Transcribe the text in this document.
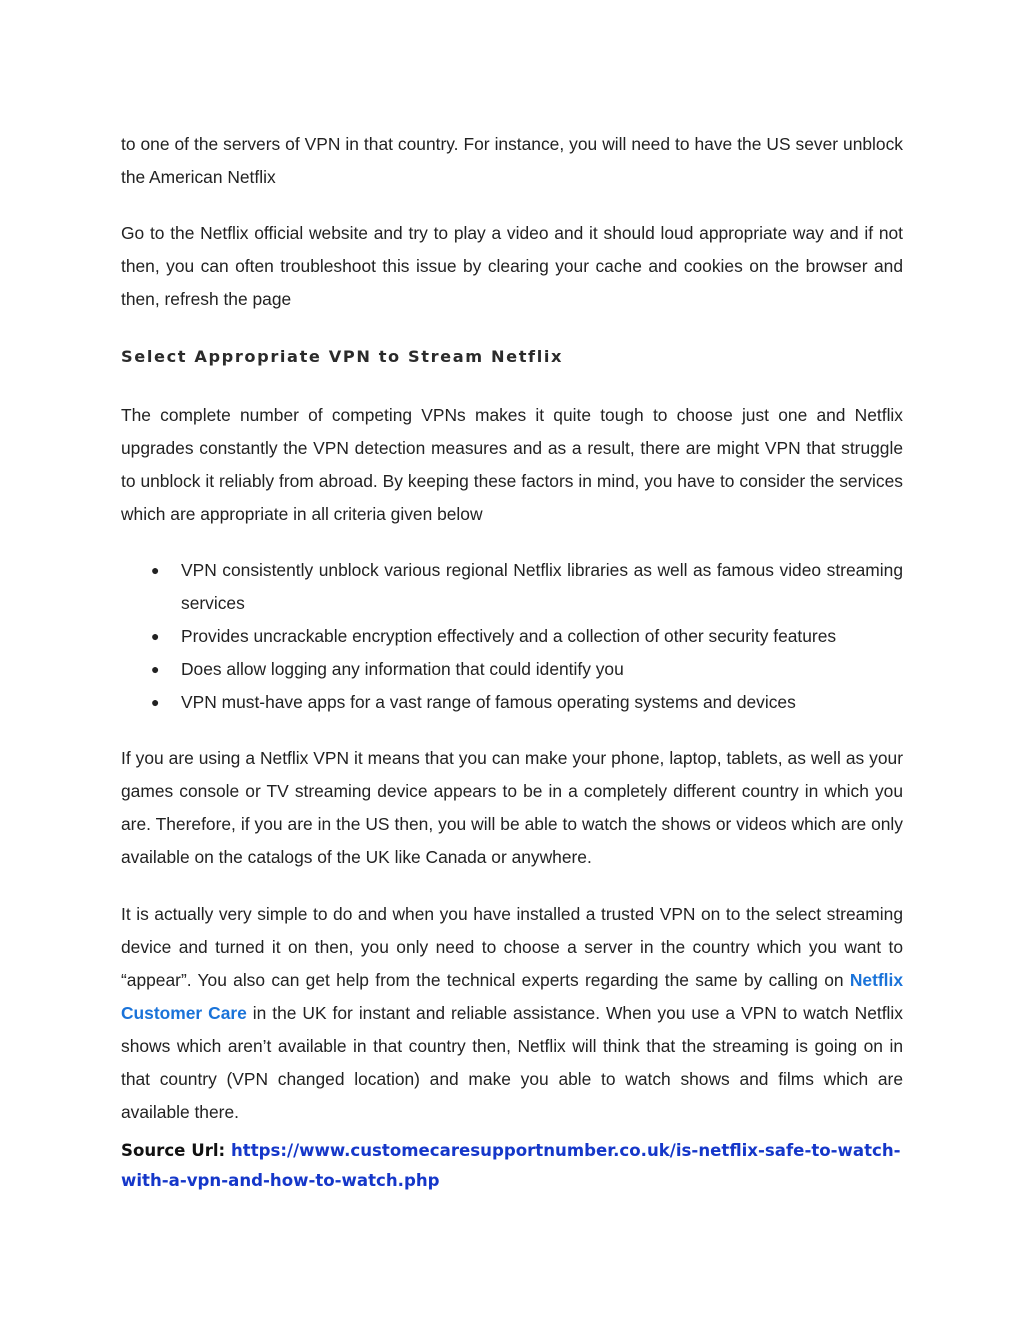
to one of the servers of VPN in that country. For instance, you will need to have the US sever unblock the American Netflix

Go to the Netflix official website and try to play a video and it should loud appropriate way and if not then, you can often troubleshoot this issue by clearing your cache and cookies on the browser and then, refresh the page

Select Appropriate VPN to Stream Netflix

The complete number of competing VPNs makes it quite tough to choose just one and Netflix upgrades constantly the VPN detection measures and as a result, there are might VPN that struggle to unblock it reliably from abroad. By keeping these factors in mind, you have to consider the services which are appropriate in all criteria given below

● VPN consistently unblock various regional Netflix libraries as well as famous video streaming services
● Provides uncrackable encryption effectively and a collection of other security features
● Does allow logging any information that could identify you
● VPN must-have apps for a vast range of famous operating systems and devices

If you are using a Netflix VPN it means that you can make your phone, laptop, tablets, as well as your games console or TV streaming device appears to be in a completely different country in which you are. Therefore, if you are in the US then, you will be able to watch the shows or videos which are only available on the catalogs of the UK like Canada or anywhere.

It is actually very simple to do and when you have installed a trusted VPN on to the select streaming device and turned it on then, you only need to choose a server in the country which you want to “appear”. You also can get help from the technical experts regarding the same by calling on Netflix Customer Care in the UK for instant and reliable assistance. When you use a VPN to watch Netflix shows which aren’t available in that country then, Netflix will think that the streaming is going on in that country (VPN changed location) and make you able to watch shows and films which are available there.

Source Url: https://www.customecaresupportnumber.co.uk/is-netflix-safe-to-watch-with-a-vpn-and-how-to-watch.php
